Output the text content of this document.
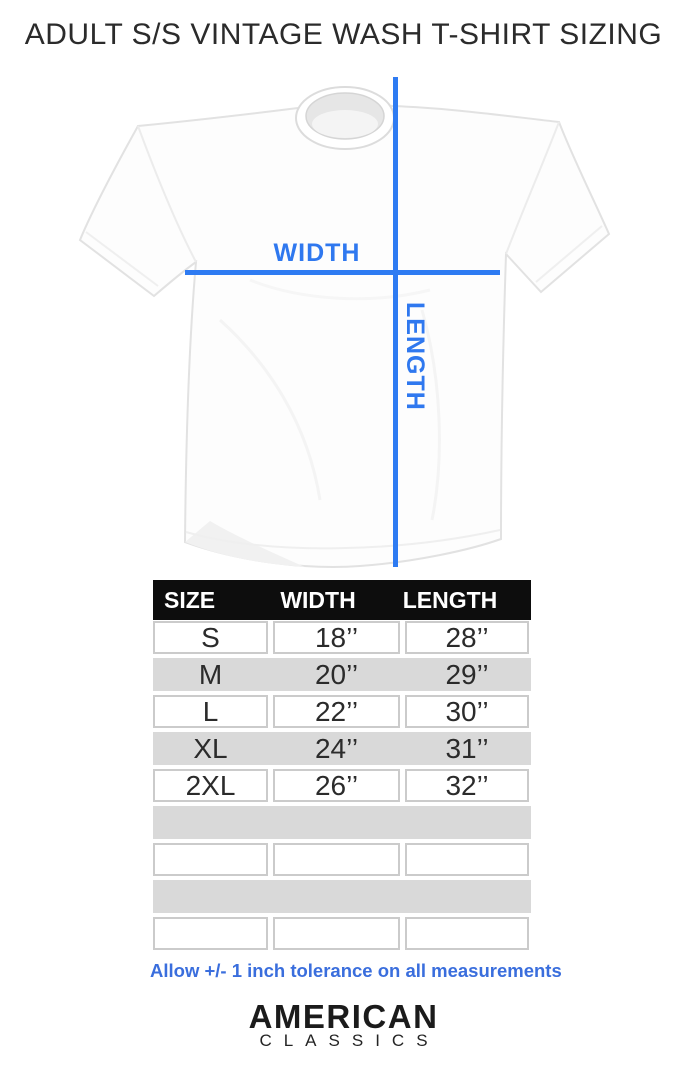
ADULT S/S VINTAGE WASH T-SHIRT SIZING
WIDTH
LENGTH
SIZE	WIDTH	LENGTH
S	18’’	28’’
M	20’’	29’’
L	22’’	30’’
XL	24’’	31’’
2XL	26’’	32’’
Allow +/- 1 inch tolerance on all measurements
AMERICAN
CLASSICS
